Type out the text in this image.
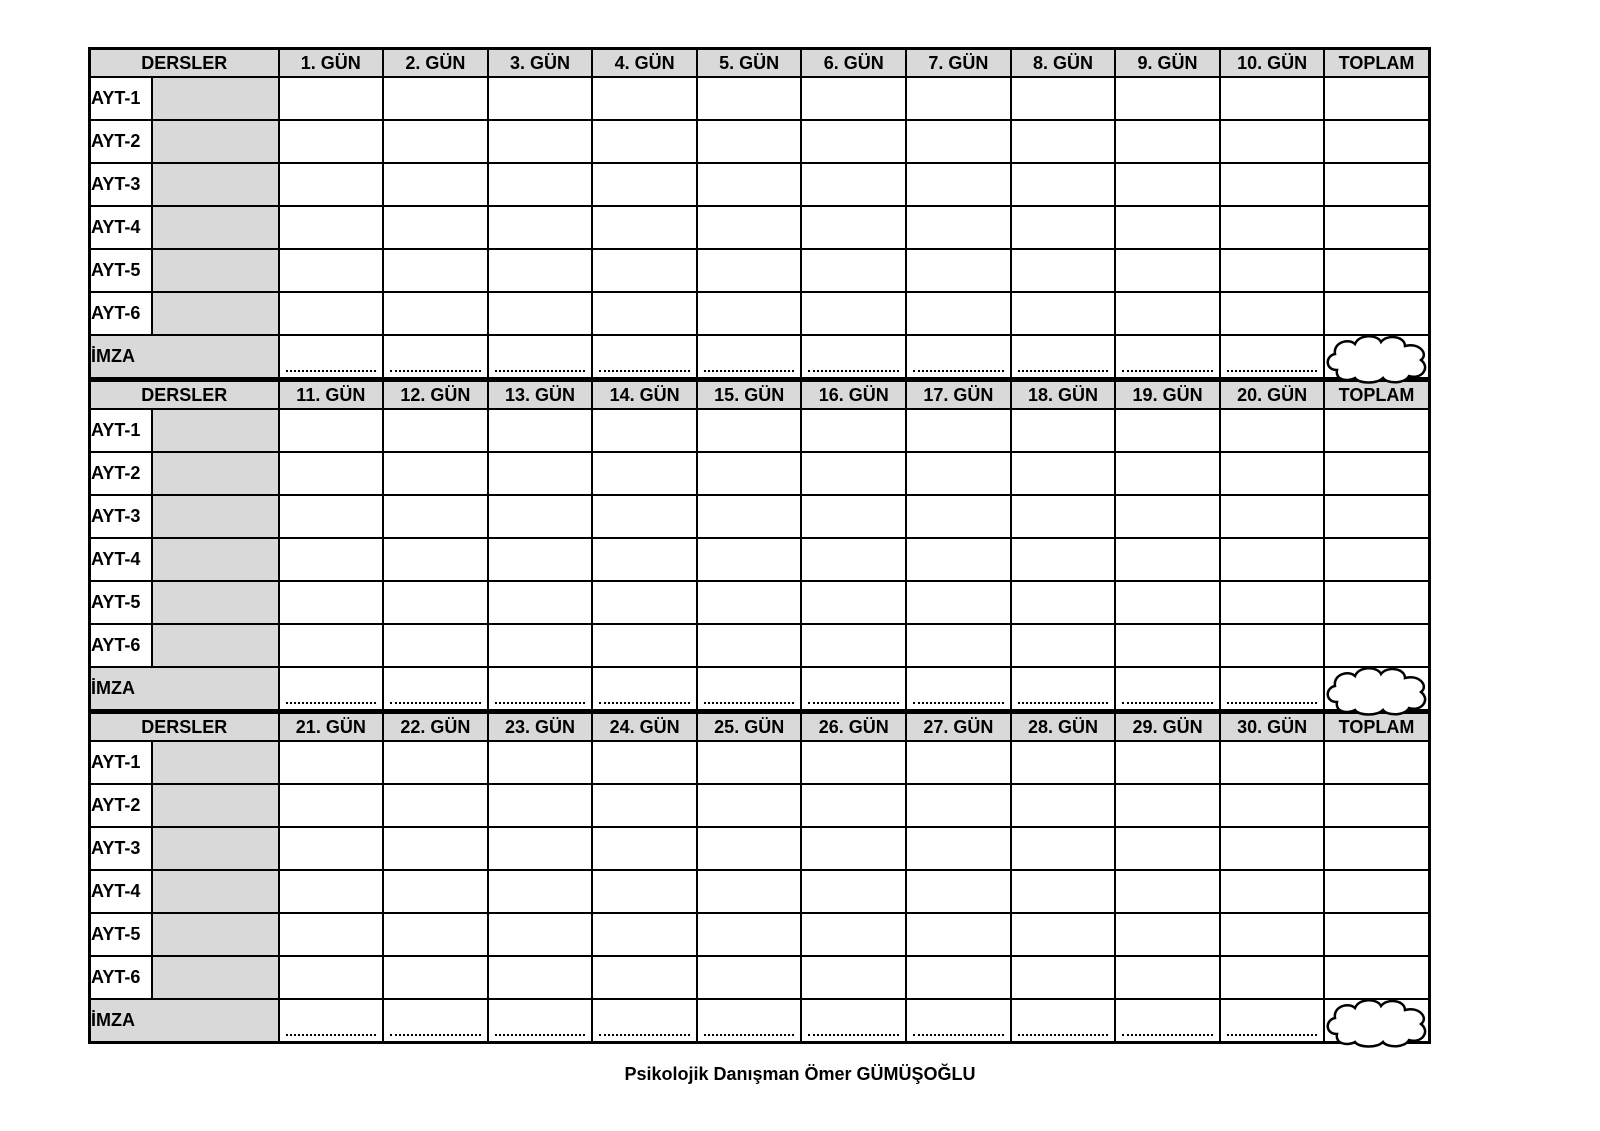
DERSLER		1. GÜN	2. GÜN	3. GÜN	4. GÜN	5. GÜN	6. GÜN	7. GÜN	8. GÜN	9. GÜN	10. GÜN	TOPLAM
AYT-1												
AYT-2												
AYT-3												
AYT-4												
AYT-5												
AYT-6												
İMZA	

DERSLER		11. GÜN	12. GÜN	13. GÜN	14. GÜN	15. GÜN	16. GÜN	17. GÜN	18. GÜN	19. GÜN	20. GÜN	TOPLAM
AYT-1												
AYT-2												
AYT-3												
AYT-4												
AYT-5												
AYT-6												
İMZA	

DERSLER		21. GÜN	22. GÜN	23. GÜN	24. GÜN	25. GÜN	26. GÜN	27. GÜN	28. GÜN	29. GÜN	30. GÜN	TOPLAM
AYT-1												
AYT-2												
AYT-3												
AYT-4												
AYT-5												
AYT-6												
İMZA	

Psikolojik Danışman Ömer GÜMÜŞOĞLU
